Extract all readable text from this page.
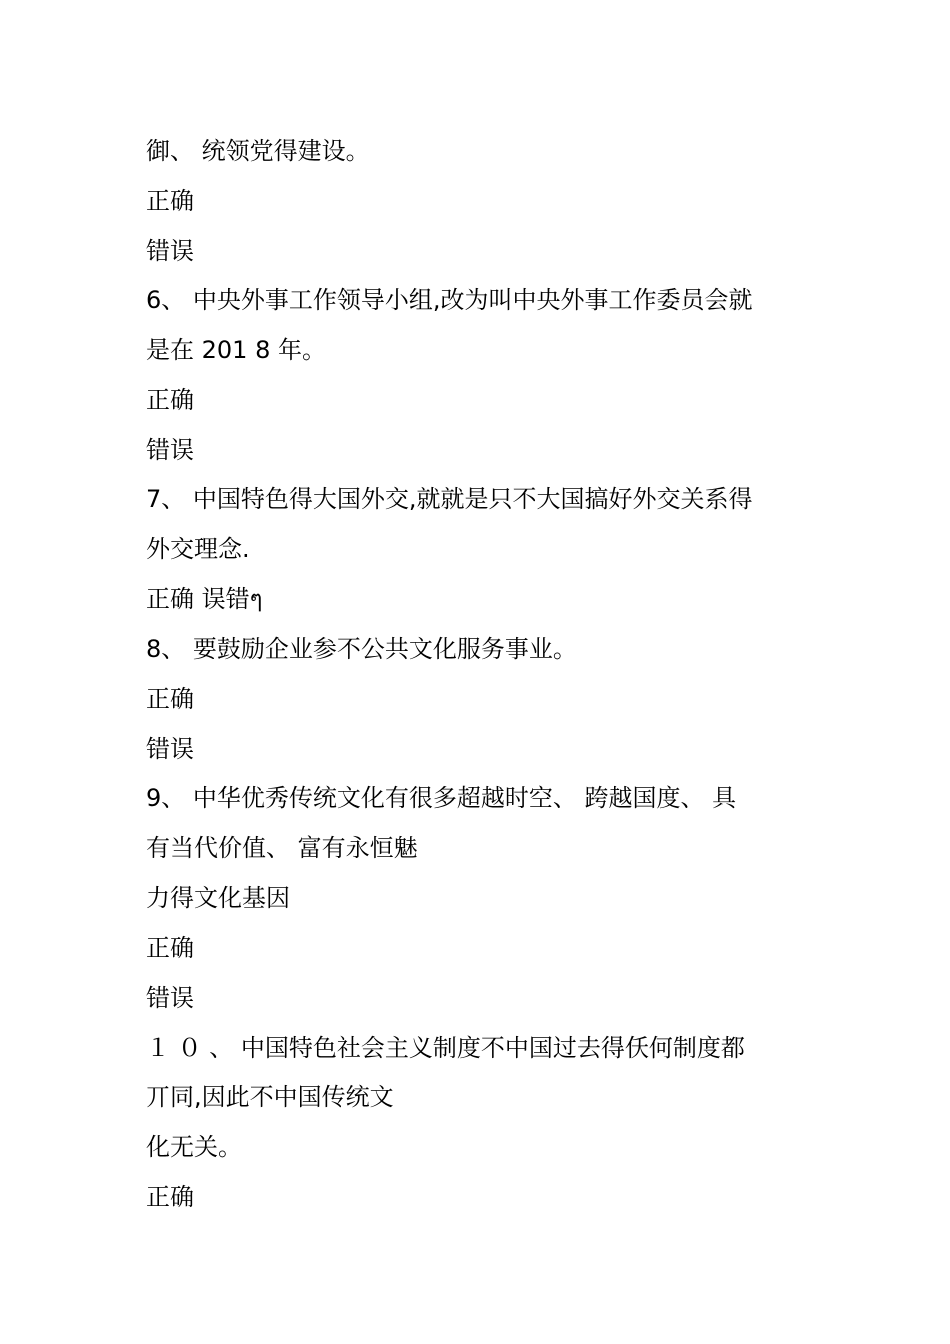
御、 统领党得建设。
正确
错误
6、 中央外事工作领导小组,改为叫中央外事工作委员会就
是在 201 8 年。
正确
错误
7、 中国特色得大国外交,就就是只不大国搞好外交关系得
外交理念.
正确 误错ๆ
8、 要鼓励企业参不公共文化服务事业。
正确
错误
9、 中华优秀传统文化有很多超越时空、 跨越国度、 具
有当代价值、 富有永恒魅
力得文化基因
正确
错误
１ ０ 、 中国特色社会主义制度不中国过去得仸何制度都
丌同,因此不中国传统文
化无关。
正确
